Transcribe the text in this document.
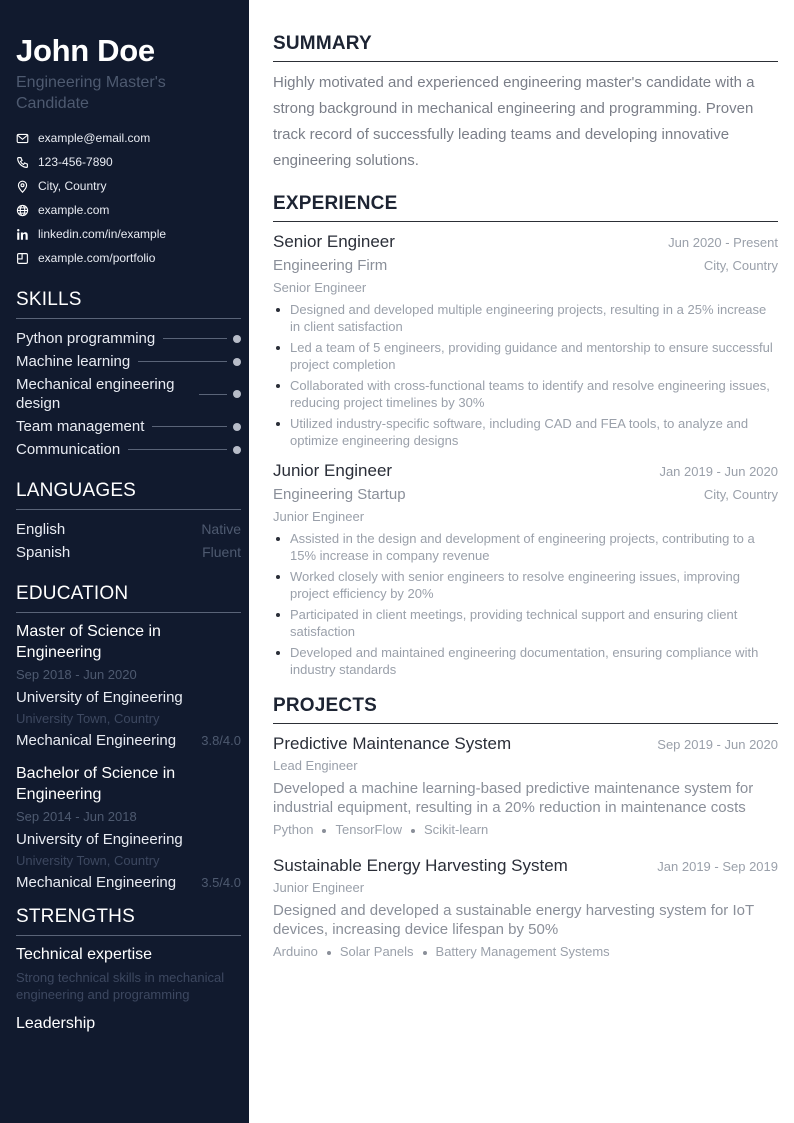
John Doe
Engineering Master's Candidate
example@email.com
123-456-7890
City, Country
example.com
linkedin.com/in/example
example.com/portfolio
SKILLS
Python programming
Machine learning
Mechanical engineering design
Team management
Communication
LANGUAGES
English	Native
Spanish	Fluent
EDUCATION
Master of Science in Engineering
Sep 2018 - Jun 2020
University of Engineering
University Town, Country
Mechanical Engineering 3.8/4.0
Bachelor of Science in Engineering
Sep 2014 - Jun 2018
University of Engineering
University Town, Country
Mechanical Engineering 3.5/4.0
STRENGTHS
Technical expertise
Strong technical skills in mechanical engineering and programming
Leadership
SUMMARY

Highly motivated and experienced engineering master's candidate with a strong background in mechanical engineering and programming. Proven track record of successfully leading teams and developing innovative engineering solutions.

EXPERIENCE
Senior Engineer	Jun 2020 - Present
Engineering Firm	City, Country
Senior Engineer
Designed and developed multiple engineering projects, resulting in a 25% increase in client satisfaction
Led a team of 5 engineers, providing guidance and mentorship to ensure successful project completion
Collaborated with cross-functional teams to identify and resolve engineering issues, reducing project timelines by 30%
Utilized industry-specific software, including CAD and FEA tools, to analyze and optimize engineering designs
Junior Engineer	Jan 2019 - Jun 2020
Engineering Startup	City, Country
Junior Engineer
Assisted in the design and development of engineering projects, contributing to a 15% increase in company revenue
Worked closely with senior engineers to resolve engineering issues, improving project efficiency by 20%
Participated in client meetings, providing technical support and ensuring client satisfaction
Developed and maintained engineering documentation, ensuring compliance with industry standards
PROJECTS
Predictive Maintenance System	Sep 2019 - Jun 2020
Lead Engineer
Developed a machine learning-based predictive maintenance system for industrial equipment, resulting in a 20% reduction in maintenance costs
Python TensorFlow Scikit-learn
Sustainable Energy Harvesting System	Jan 2019 - Sep 2019
Junior Engineer
Designed and developed a sustainable energy harvesting system for IoT devices, increasing device lifespan by 50%
Arduino Solar Panels Battery Management Systems
